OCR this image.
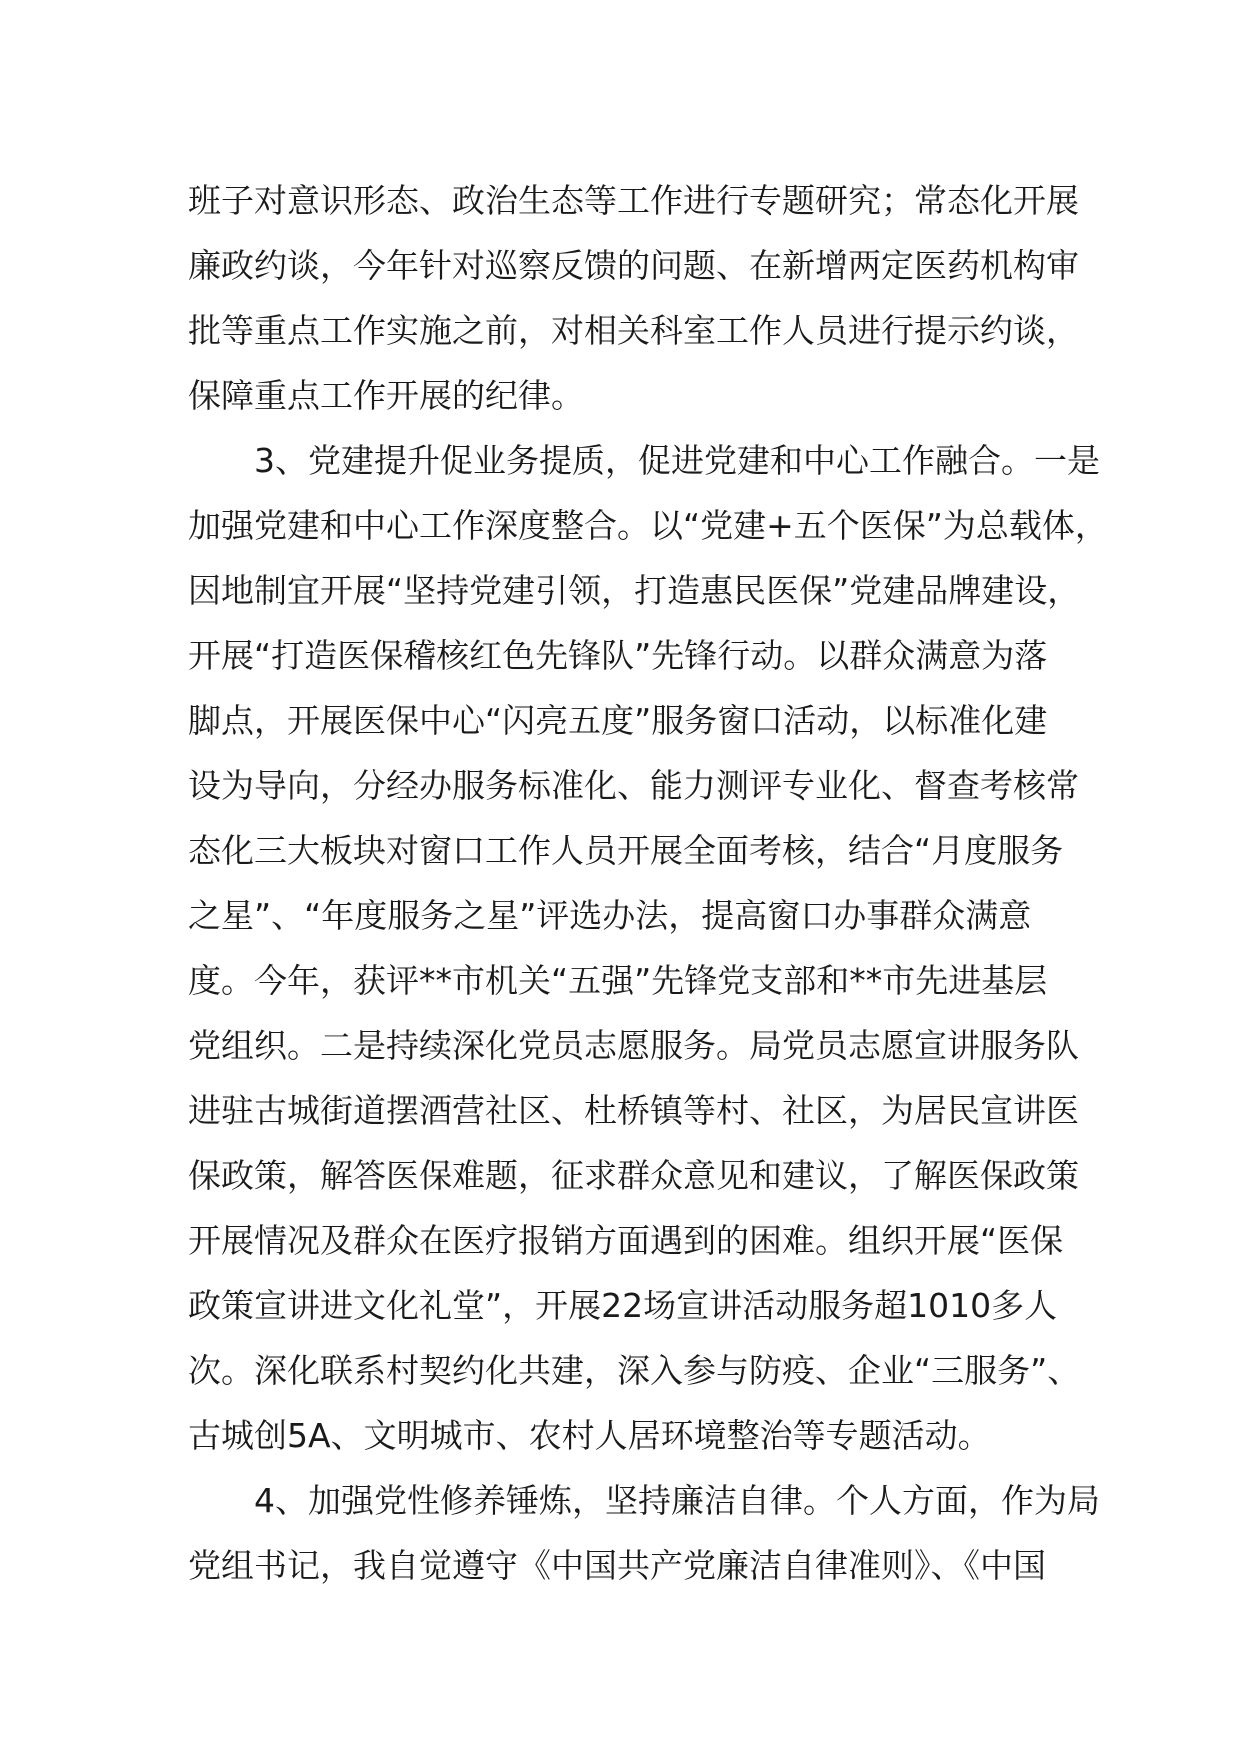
班子对意识形态、政治生态等工作进行专题研究；常态化开展
廉政约谈，今年针对巡察反馈的问题、在新增两定医药机构审
批等重点工作实施之前，对相关科室工作人员进行提示约谈，
保障重点工作开展的纪律。
3、党建提升促业务提质，促进党建和中心工作融合。一是
加强党建和中心工作深度整合。以“党建+五个医保”为总载体，
因地制宜开展“坚持党建引领，打造惠民医保”党建品牌建设，
开展“打造医保稽核红色先锋队”先锋行动。以群众满意为落
脚点，开展医保中心“闪亮五度”服务窗口活动，以标准化建
设为导向，分经办服务标准化、能力测评专业化、督查考核常
态化三大板块对窗口工作人员开展全面考核，结合“月度服务
之星”、“年度服务之星”评选办法，提高窗口办事群众满意
度。今年，获评**市机关“五强”先锋党支部和**市先进基层
党组织。二是持续深化党员志愿服务。局党员志愿宣讲服务队
进驻古城街道摆酒营社区、杜桥镇等村、社区，为居民宣讲医
保政策，解答医保难题，征求群众意见和建议，了解医保政策
开展情况及群众在医疗报销方面遇到的困难。组织开展“医保
政策宣讲进文化礼堂”，开展22场宣讲活动服务超1010多人
次。深化联系村契约化共建，深入参与防疫、企业“三服务”、
古城创5A、文明城市、农村人居环境整治等专题活动。
4、加强党性修养锤炼，坚持廉洁自律。个人方面，作为局
党组书记，我自觉遵守《中国共产党廉洁自律准则》、《中国
